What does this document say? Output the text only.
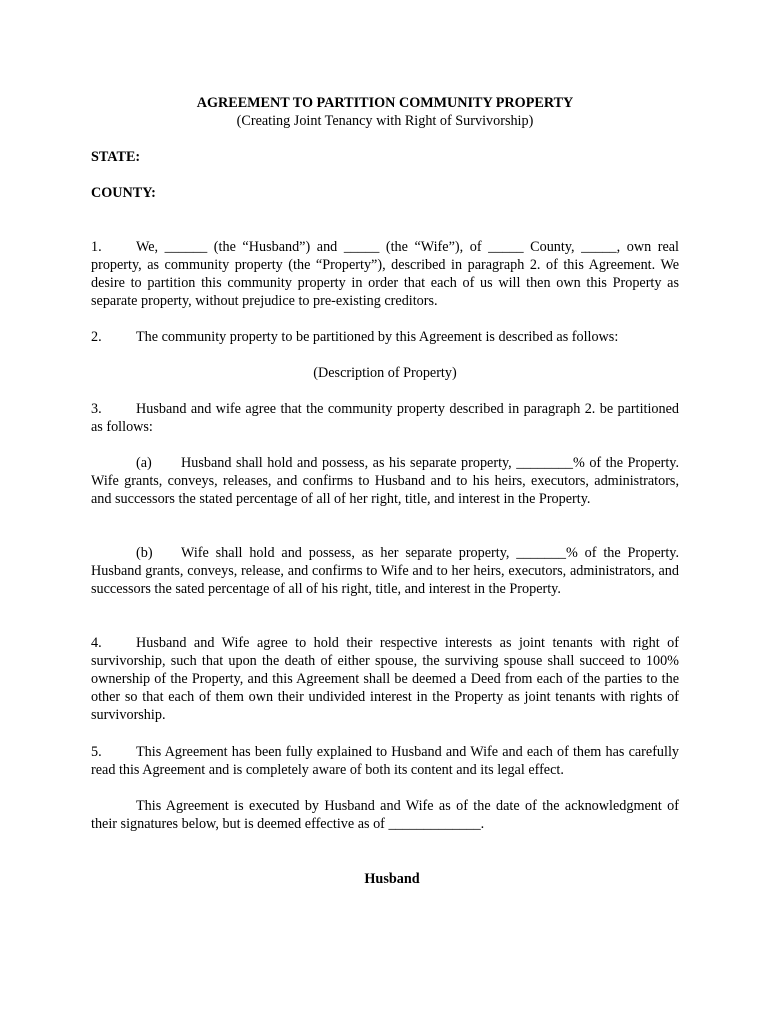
AGREEMENT TO PARTITION COMMUNITY PROPERTY
(Creating Joint Tenancy with Right of Survivorship)
STATE:
COUNTY:

1. We, ______ (the “Husband”) and _____ (the “Wife”), of _____ County, _____, own real property, as community property (the “Property”), described in paragraph 2. of this Agreement. We desire to partition this community property in order that each of us will then own this Property as separate property, without prejudice to pre-existing creditors.

2. The community property to be partitioned by this Agreement is described as follows:

(Description of Property)

3. Husband and wife agree that the community property described in paragraph 2. be partitioned as follows:

(a) Husband shall hold and possess, as his separate property, ________% of the Property. Wife grants, conveys, releases, and confirms to Husband and to his heirs, executors, administrators, and successors the stated percentage of all of her right, title, and interest in the Property.

(b) Wife shall hold and possess, as her separate property, _______% of the Property. Husband grants, conveys, release, and confirms to Wife and to her heirs, executors, administrators, and successors the sated percentage of all of his right, title, and interest in the Property.

4. Husband and Wife agree to hold their respective interests as joint tenants with right of survivorship, such that upon the death of either spouse, the surviving spouse shall succeed to 100% ownership of the Property, and this Agreement shall be deemed a Deed from each of the parties to the other so that each of them own their undivided interest in the Property as joint tenants with rights of survivorship.

5. This Agreement has been fully explained to Husband and Wife and each of them has carefully read this Agreement and is completely aware of both its content and its legal effect.

This Agreement is executed by Husband and Wife as of the date of the acknowledgment of their signatures below, but is deemed effective as of _____________.

Husband
